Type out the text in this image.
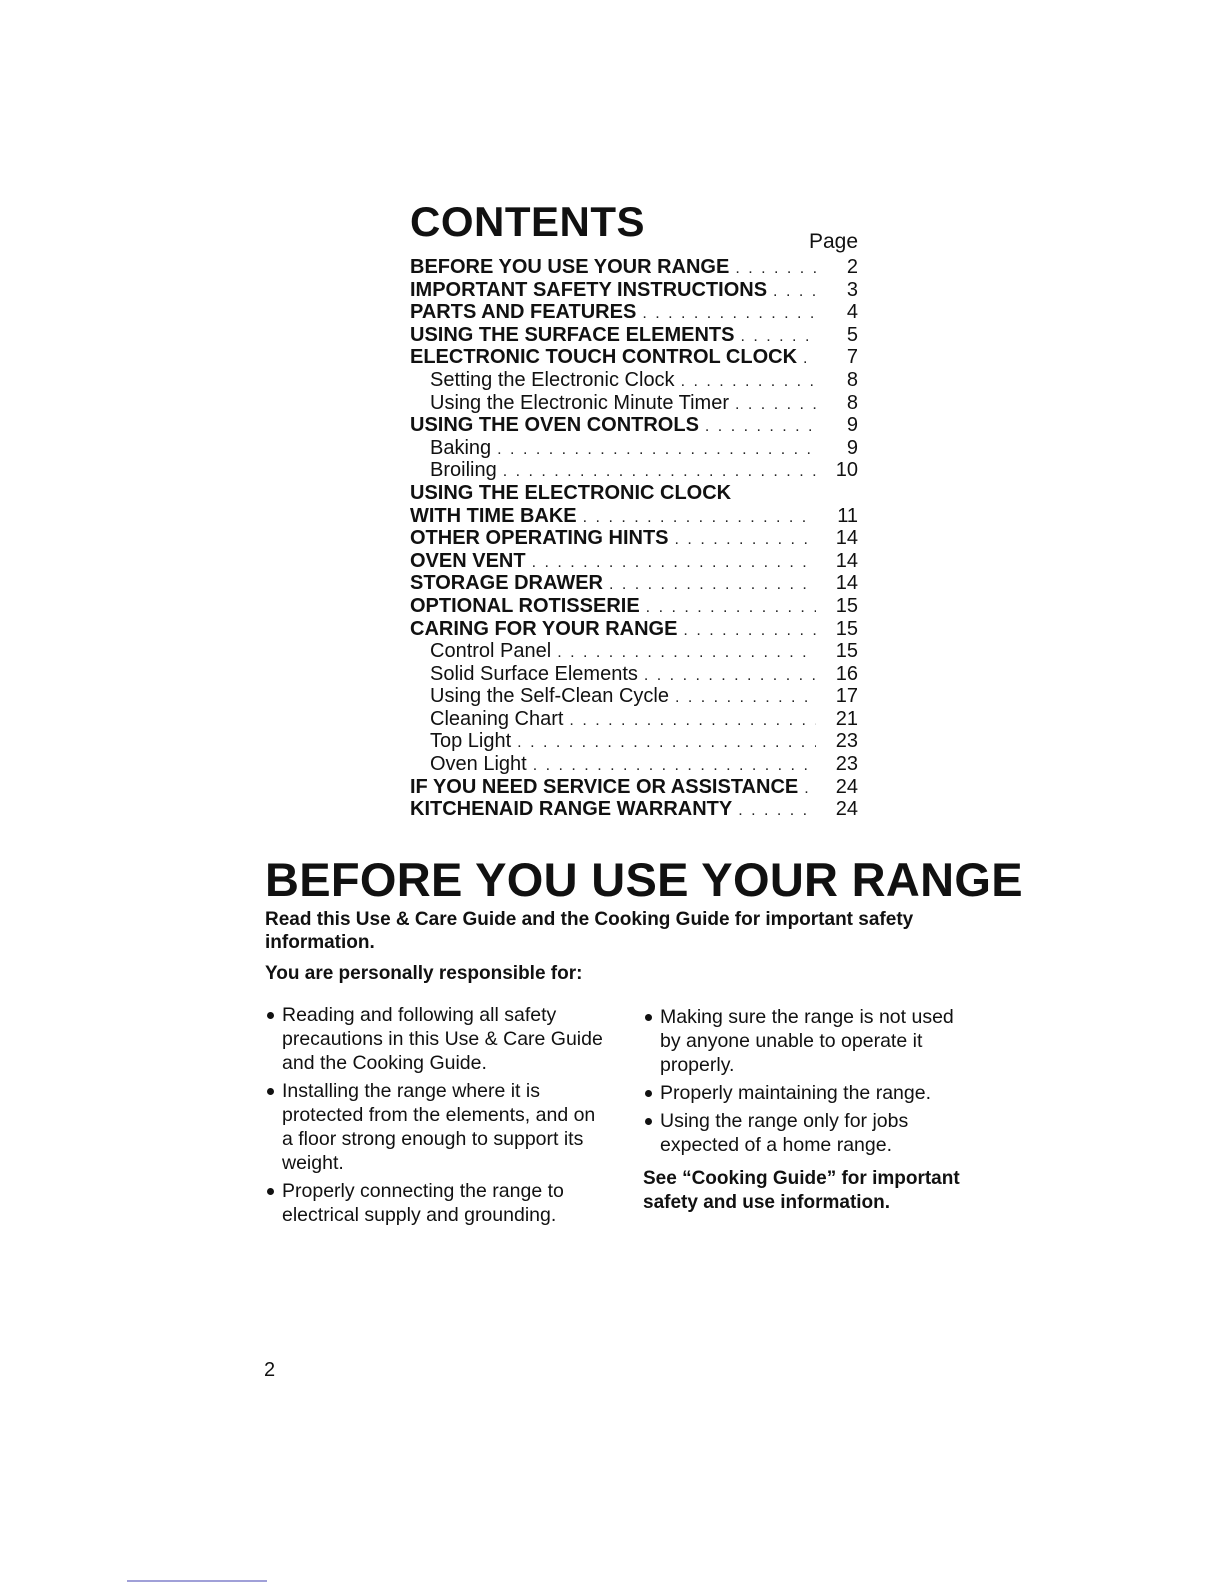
CONTENTS	Page
BEFORE YOU USE YOUR RANGE . . .	2
IMPORTANT SAFETY INSTRUCTIONS . . .	3
PARTS AND FEATURES . . .	4
USING THE SURFACE ELEMENTS . . .	5
ELECTRONIC TOUCH CONTROL CLOCK . . .	7
Setting the Electronic Clock . . .	8
Using the Electronic Minute Timer . . .	8
USING THE OVEN CONTROLS . . .	9
Baking . . .	9
Broiling . . .	10
USING THE ELECTRONIC CLOCK
WITH TIME BAKE . . .	11
OTHER OPERATING HINTS . . .	14
OVEN VENT . . .	14
STORAGE DRAWER . . .	14
OPTIONAL ROTISSERIE . . .	15
CARING FOR YOUR RANGE . . .	15
Control Panel . . .	15
Solid Surface Elements . . .	16
Using the Self-Clean Cycle . . .	17
Cleaning Chart . . .	21
Top Light . . .	23
Oven Light . . .	23
IF YOU NEED SERVICE OR ASSISTANCE . . . 24
KITCHENAID RANGE WARRANTY . . .	24
BEFORE YOU USE YOUR RANGE
Read this Use & Care Guide and the Cooking Guide for important safety information.
You are personally responsible for:
Reading and following all safety precautions in this Use & Care Guide and the Cooking Guide.
Installing the range where it is protected from the elements, and on a floor strong enough to support its weight.
Properly connecting the range to electrical supply and grounding.
Making sure the range is not used by anyone unable to operate it properly.
Properly maintaining the range.
Using the range only for jobs expected of a home range.
See “Cooking Guide” for important safety and use information.
2
